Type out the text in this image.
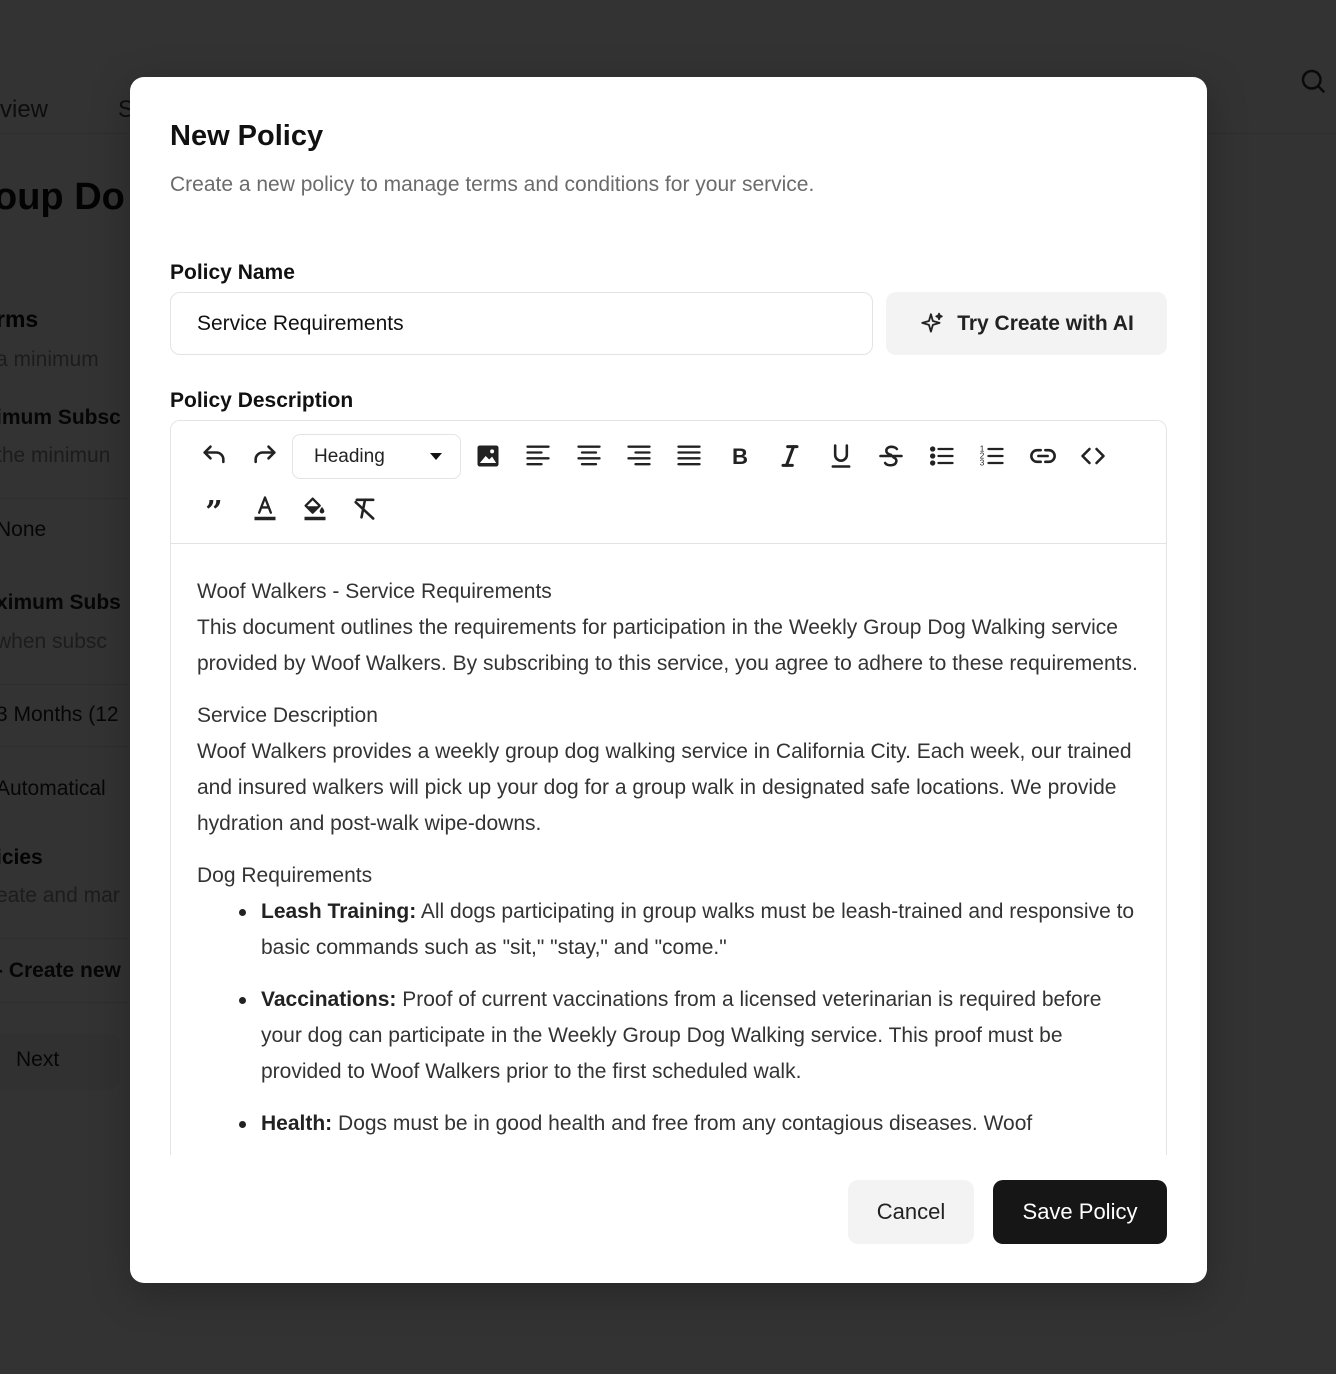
New Policy
Create a new policy to manage terms and conditions for your service.
Policy Name
Service Requirements
Try Create with AI
Policy Description
Heading	B	1
2
3
”

Woof Walkers - Service Requirements
This document outlines the requirements for participation in the Weekly Group Dog Walking service provided by Woof Walkers. By subscribing to this service, you agree to adhere to these requirements.

Service Description
Woof Walkers provides a weekly group dog walking service in California City. Each week, our trained and insured walkers will pick up your dog for a group walk in designated safe locations. We provide hydration and post-walk wipe-downs.

Dog Requirements
Leash Training: All dogs participating in group walks must be leash-trained and responsive to basic commands such as "sit," "stay," and "come."
Vaccinations: Proof of current vaccinations from a licensed veterinarian is required before your dog can participate in the Weekly Group Dog Walking service. This proof must be provided to Woof Walkers prior to the first scheduled walk.
Health: Dogs must be in good health and free from any contagious diseases. Woof
Cancel	Save Policy
